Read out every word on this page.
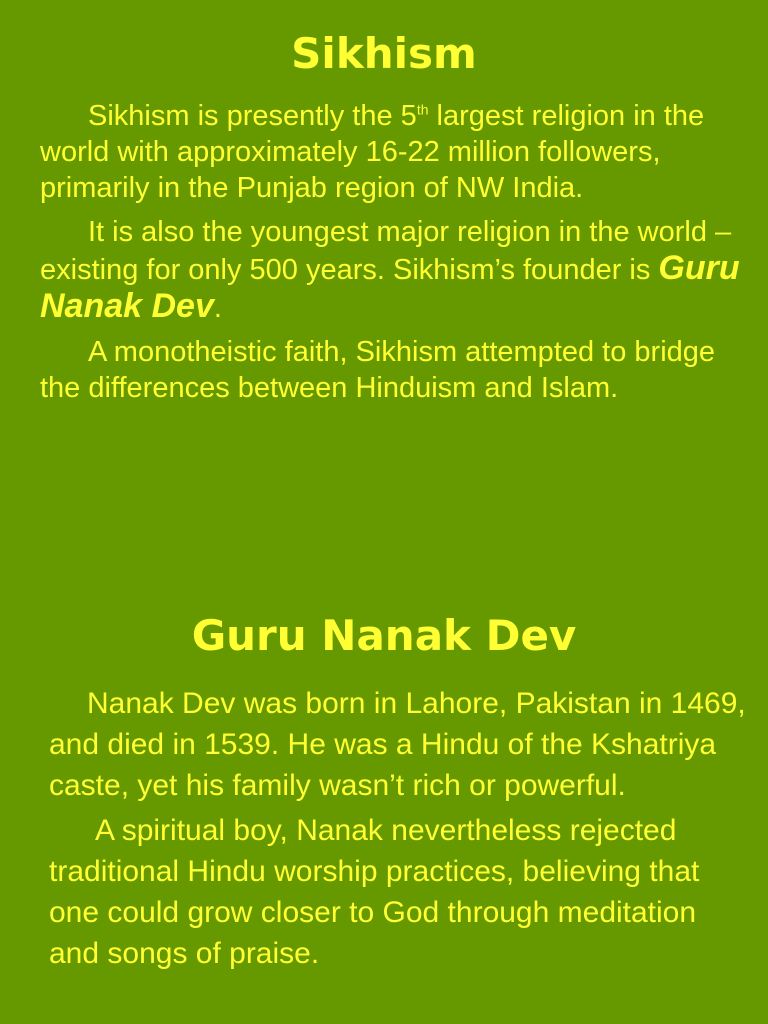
Sikhism

Sikhism is presently the 5th largest religion in the world with approximately 16-22 million followers, primarily in the Punjab region of NW India.

It is also the youngest major religion in the world – existing for only 500 years. Sikhism’s founder is Guru Nanak Dev.

A monotheistic faith, Sikhism attempted to bridge the differences between Hinduism and Islam.

Guru Nanak Dev

Nanak Dev was born in Lahore, Pakistan in 1469, and died in 1539. He was a Hindu of the Kshatriya caste, yet his family wasn’t rich or powerful.

A spiritual boy, Nanak nevertheless rejected traditional Hindu worship practices, believing that one could grow closer to God through meditation and songs of praise.
